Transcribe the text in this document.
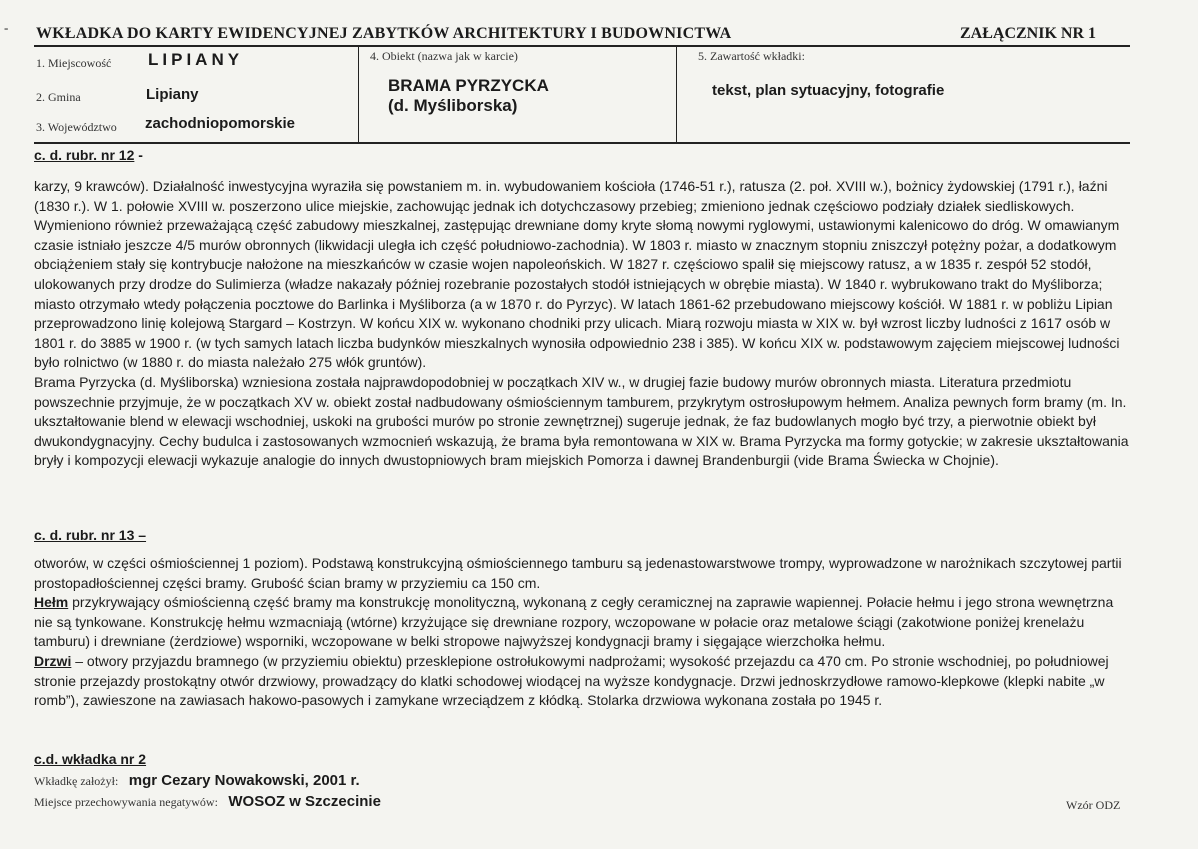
- WKŁADKA DO KARTY EWIDENCYJNEJ ZABYTKÓW ARCHITEKTURY I BUDOWNICTWA	ZAŁĄCZNIK NR 1
1. Miejscowość LIPIANY
2. Gmina	Lipiany
3. Województwo zachodniopomorskie
4. Obiekt (nazwa jak w karcie)
BRAMA PYRZYCKA
(d. Myśliborska)
5. Zawartość wkładki:
tekst, plan sytuacyjny, fotografie
c. d. rubr. nr 12 -

karzy, 9 krawców). Działalność inwestycyjna wyraziła się powstaniem m. in. wybudowaniem kościoła (1746-51 r.), ratusza (2. poł. XVIII w.), bożnicy żydowskiej (1791 r.), łaźni (1830 r.). W 1. połowie XVIII w. poszerzono ulice miejskie, zachowując jednak ich dotychczasowy przebieg; zmieniono jednak częściowo podziały działek siedliskowych. Wymieniono również przeważającą część zabudowy mieszkalnej, zastępując drewniane domy kryte słomą nowymi ryglowymi, ustawionymi kalenicowo do dróg. W omawianym czasie istniało jeszcze 4/5 murów obronnych (likwidacji uległa ich część południowo-zachodnia). W 1803 r. miasto w znacznym stopniu zniszczył potężny pożar, a dodatkowym obciążeniem stały się kontrybucje nałożone na mieszkańców w czasie wojen napoleońskich. W 1827 r. częściowo spalił się miejscowy ratusz, a w 1835 r. zespół 52 stodół, ulokowanych przy drodze do Sulimierza (władze nakazały później rozebranie pozostałych stodół istniejących w obrębie miasta). W 1840 r. wybrukowano trakt do Myśliborza; miasto otrzymało wtedy połączenia pocztowe do Barlinka i Myśliborza (a w 1870 r. do Pyrzyc). W latach 1861-62 przebudowano miejscowy kościół. W 1881 r. w pobliżu Lipian przeprowadzono linię kolejową Stargard – Kostrzyn. W końcu XIX w. wykonano chodniki przy ulicach. Miarą rozwoju miasta w XIX w. był wzrost liczby ludności z 1617 osób w 1801 r. do 3885 w 1900 r. (w tych samych latach liczba budynków mieszkalnych wynosiła odpowiednio 238 i 385). W końcu XIX w. podstawowym zajęciem miejscowej ludności było rolnictwo (w 1880 r. do miasta należało 275 włók gruntów).

Brama Pyrzycka (d. Myśliborska) wzniesiona została najprawdopodobniej w początkach XIV w., w drugiej fazie budowy murów obronnych miasta. Literatura przedmiotu powszechnie przyjmuje, że w początkach XV w. obiekt został nadbudowany ośmiościennym tamburem, przykrytym ostrosłupowym hełmem. Analiza pewnych form bramy (m. In. ukształtowanie blend w elewacji wschodniej, uskoki na grubości murów po stronie zewnętrznej) sugeruje jednak, że faz budowlanych mogło być trzy, a pierwotnie obiekt był dwukondygnacyjny. Cechy budulca i zastosowanych wzmocnień wskazują, że brama była remontowana w XIX w. Brama Pyrzycka ma formy gotyckie; w zakresie ukształtowania bryły i kompozycji elewacji wykazuje analogie do innych dwustopniowych bram miejskich Pomorza i dawnej Brandenburgii (vide Brama Świecka w Chojnie).

c. d. rubr. nr 13 –

otworów, w części ośmiościennej 1 poziom). Podstawą konstrukcyjną ośmiościennego tamburu są jedenastowarstwowe trompy, wyprowadzone w narożnikach szczytowej partii prostopadłościennej części bramy. Grubość ścian bramy w przyziemiu ca 150 cm.

Hełm przykrywający ośmiościenną część bramy ma konstrukcję monolityczną, wykonaną z cegły ceramicznej na zaprawie wapiennej. Połacie hełmu i jego strona wewnętrzna nie są tynkowane. Konstrukcję hełmu wzmacniają (wtórne) krzyżujące się drewniane rozpory, wczopowane w połacie oraz metalowe ściągi (zakotwione poniżej krenelażu tamburu) i drewniane (żerdziowe) wsporniki, wczopowane w belki stropowe najwyższej kondygnacji bramy i sięgające wierzchołka hełmu.

Drzwi – otwory przyjazdu bramnego (w przyziemiu obiektu) przesklepione ostrołukowymi nadprożami; wysokość przejazdu ca 470 cm. Po stronie wschodniej, po południowej stronie przejazdy prostokątny otwór drzwiowy, prowadzący do klatki schodowej wiodącej na wyższe kondygnacje. Drzwi jednoskrzydłowe ramowo-klepkowe (klepki nabite „w romb”), zawieszone na zawiasach hakowo-pasowych i zamykane wrzeciądzem z kłódką. Stolarka drzwiowa wykonana została po 1945 r.

c.d. wkładka nr 2
Wkładkę założył: mgr Cezary Nowakowski, 2001 r.
Miejsce przechowywania negatywów: WOSOZ w Szczecinie	Wzór ODZ
